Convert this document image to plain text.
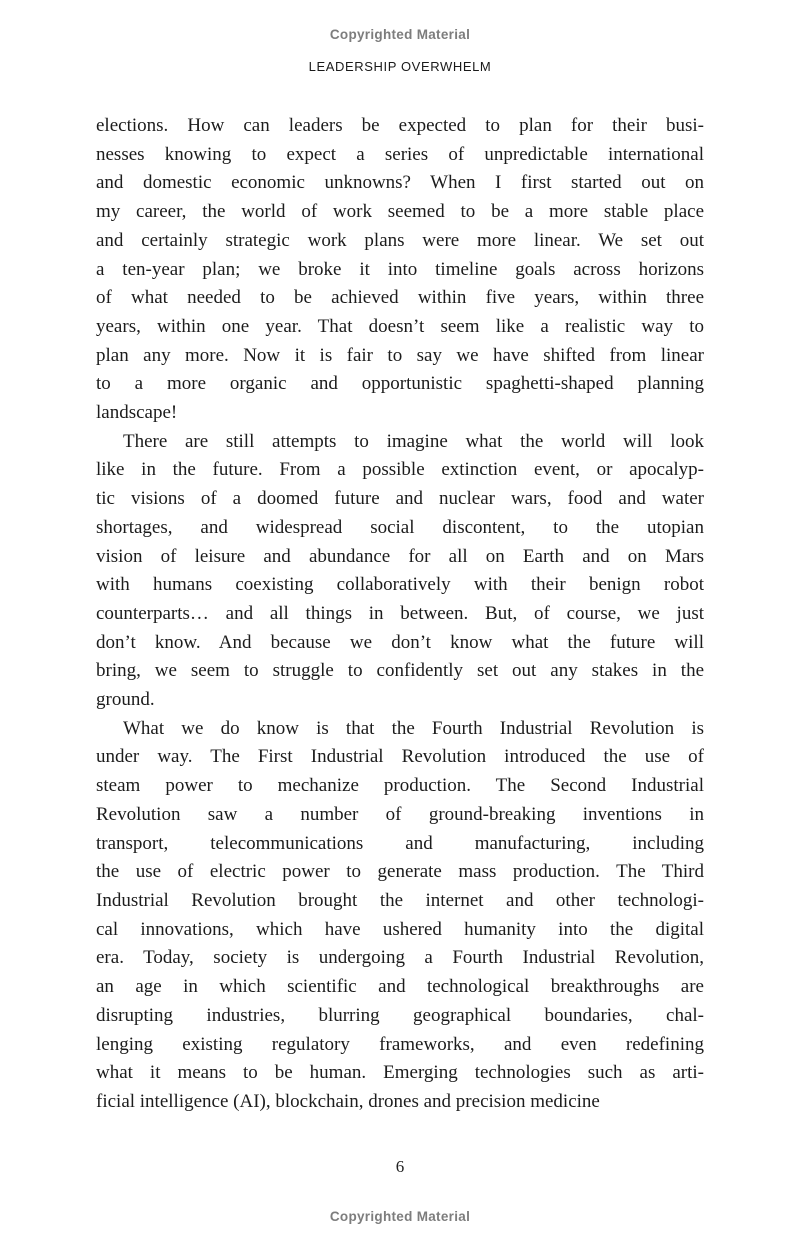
Copyrighted Material
LEADERSHIP OVERWHELM
elections. How can leaders be expected to plan for their busi-
nesses knowing to expect a series of unpredictable international
and domestic economic unknowns? When I first started out on
my career, the world of work seemed to be a more stable place
and certainly strategic work plans were more linear. We set out
a ten-year plan; we broke it into timeline goals across horizons
of what needed to be achieved within five years, within three
years, within one year. That doesn’t seem like a realistic way to
plan any more. Now it is fair to say we have shifted from linear
to a more organic and opportunistic spaghetti-shaped planning
landscape!
There are still attempts to imagine what the world will look
like in the future. From a possible extinction event, or apocalyp-
tic visions of a doomed future and nuclear wars, food and water
shortages, and widespread social discontent, to the utopian
vision of leisure and abundance for all on Earth and on Mars
with humans coexisting collaboratively with their benign robot
counterparts… and all things in between. But, of course, we just
don’t know. And because we don’t know what the future will
bring, we seem to struggle to confidently set out any stakes in the
ground.
What we do know is that the Fourth Industrial Revolution is
under way. The First Industrial Revolution introduced the use of
steam power to mechanize production. The Second Industrial
Revolution saw a number of ground-breaking inventions in
transport, telecommunications and manufacturing, including
the use of electric power to generate mass production. The Third
Industrial Revolution brought the internet and other technologi-
cal innovations, which have ushered humanity into the digital
era. Today, society is undergoing a Fourth Industrial Revolution,
an age in which scientific and technological breakthroughs are
disrupting industries, blurring geographical boundaries, chal-
lenging existing regulatory frameworks, and even redefining
what it means to be human. Emerging technologies such as arti-
ficial intelligence (AI), blockchain, drones and precision medicine
6
Copyrighted Material
